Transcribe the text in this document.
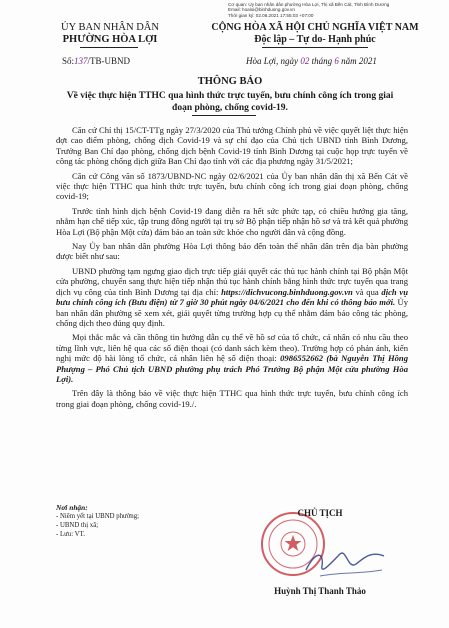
Cơ quan: Ủy ban nhân dân phường Hòa Lợi, Thị xã Bến Cát, Tỉnh Bình Dương
Email: hoaloi@binhduong.gov.vn
Thời gian ký: 02.06.2021 17:55:03 +07:00
ỦY BAN NHÂN DÂN
PHƯỜNG HÒA LỢI
CỘNG HÒA XÃ HỘI CHỦ NGHĨA VIỆT NAM
Độc lập – Tự do- Hạnh phúc
Số:137/TB-UBND	Hòa Lợi, ngày 02 tháng 6 năm 2021
THÔNG BÁO
Về việc thực hiện TTHC qua hình thức trực tuyến, bưu chính công ích trong giai đoạn phòng, chống covid-19.

Căn cứ Chỉ thị 15/CT-TTg ngày 27/3/2020 của Thủ tướng Chính phủ về việc quyết liệt thực hiện đợt cao điểm phòng, chống dịch Covid-19 và sự chỉ đạo của Chủ tịch UBND tỉnh Bình Dương, Trưởng Ban Chỉ đạo phòng, chống dịch bệnh Covid-19 tỉnh Bình Dương tại cuộc họp trực tuyến về công tác phòng chống dịch giữa Ban Chỉ đạo tỉnh với các địa phương ngày 31/5/2021;

Căn cứ Công văn số 1873/UBND-NC ngày 02/6/2021 của Ủy ban nhân dân thị xã Bến Cát về việc thực hiện TTHC qua hình thức trực tuyến, bưu chính công ích trong giai đoạn phòng, chống covid-19;

Trước tình hình dịch bệnh Covid-19 đang diễn ra hết sức phức tạp, có chiều hướng gia tăng, nhằm hạn chế tiếp xúc, tập trung đông người tại trụ sở Bộ phận tiếp nhận hồ sơ và trả kết quả phường Hòa Lợi (Bộ phận Một cửa) đảm bảo an toàn sức khỏe cho người dân và cộng đồng.

Nay Ủy ban nhân dân phường Hòa Lợi thông báo đến toàn thể nhân dân trên địa bàn phường được biết như sau:

UBND phường tạm ngưng giao dịch trực tiếp giải quyết các thủ tục hành chính tại Bộ phận Một cửa phường, chuyển sang thực hiện tiếp nhận thủ tục hành chính bằng hình thức trực tuyến qua trang dịch vụ công của tỉnh Bình Dương tại địa chỉ: https://dichvucong.binhduong.gov.vn và qua dịch vụ bưu chính công ích (Bưu điện) từ 7 giờ 30 phút ngày 04/6/2021 cho đến khi có thông báo mới. Ủy ban nhân dân phường sẽ xem xét, giải quyết từng trường hợp cụ thể nhằm đảm bảo công tác phòng, chống dịch theo đúng quy định.

Mọi thắc mắc và cần thông tin hướng dẫn cụ thể về hồ sơ của tổ chức, cá nhân có nhu cầu theo từng lĩnh vực, liên hệ qua các số điện thoại (có danh sách kèm theo). Trường hợp có phản ánh, kiến nghị mức độ hài lòng tổ chức, cá nhân liên hệ số điện thoại: 0986552662 (bà Nguyễn Thị Hồng Phượng – Phó Chủ tịch UBND phường phụ trách Phó Trưởng Bộ phận Một cửa phường Hòa Lợi).

Trên đây là thông báo về việc thực hiện TTHC qua hình thức trực tuyến, bưu chính công ích trong giai đoạn phòng, chống covid-19./.

Nơi nhận:
- Niêm yết tại UBND phường;
- UBND thị xã;
- Lưu: VT.
CHỦ TỊCH
Huỳnh Thị Thanh Thảo
